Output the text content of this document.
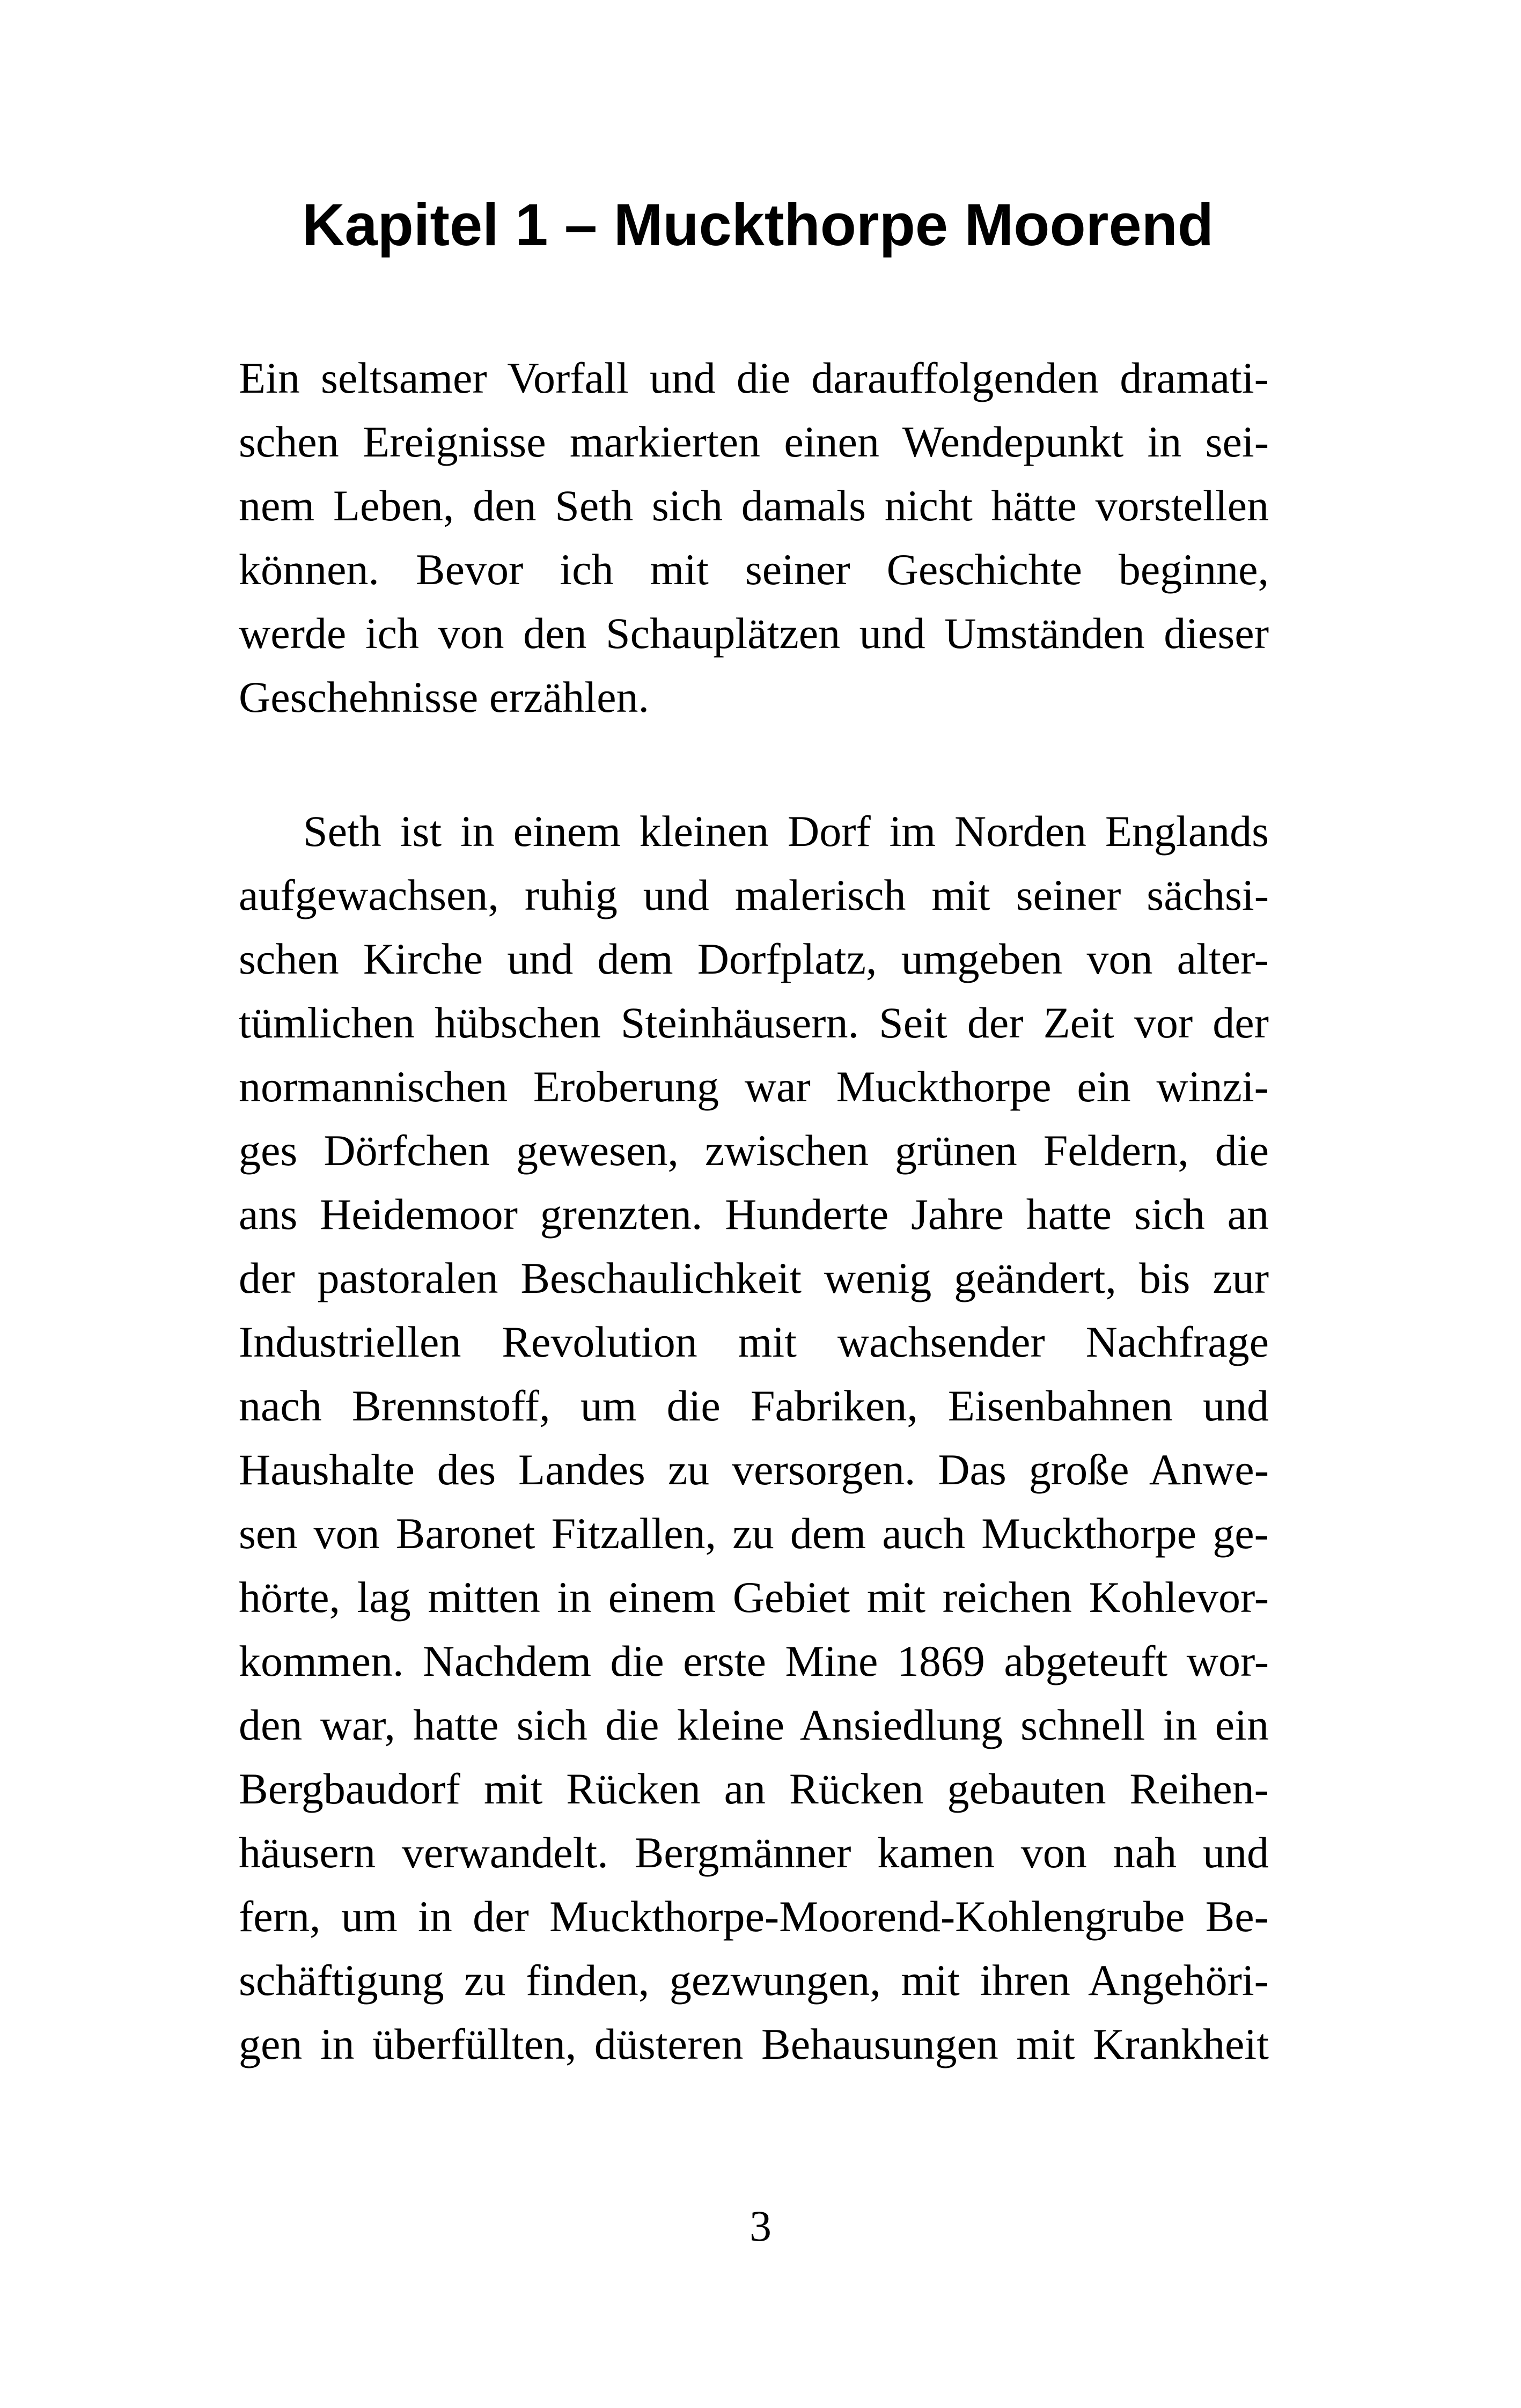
Kapitel 1 – Muckthorpe Moorend

Ein seltsamer Vorfall und die darauffolgenden dramati-
schen Ereignisse markierten einen Wendepunkt in sei-
nem Leben, den Seth sich damals nicht hätte vorstellen
können. Bevor ich mit seiner Geschichte beginne,
werde ich von den Schauplätzen und Umständen dieser
Geschehnisse erzählen.

Seth ist in einem kleinen Dorf im Norden Englands
aufgewachsen, ruhig und malerisch mit seiner sächsi-
schen Kirche und dem Dorfplatz, umgeben von alter-
tümlichen hübschen Steinhäusern. Seit der Zeit vor der
normannischen Eroberung war Muckthorpe ein winzi-
ges Dörfchen gewesen, zwischen grünen Feldern, die
ans Heidemoor grenzten. Hunderte Jahre hatte sich an
der pastoralen Beschaulichkeit wenig geändert, bis zur
Industriellen Revolution mit wachsender Nachfrage
nach Brennstoff, um die Fabriken, Eisenbahnen und
Haushalte des Landes zu versorgen. Das große Anwe-
sen von Baronet Fitzallen, zu dem auch Muckthorpe ge-
hörte, lag mitten in einem Gebiet mit reichen Kohlevor-
kommen. Nachdem die erste Mine 1869 abgeteuft wor-
den war, hatte sich die kleine Ansiedlung schnell in ein
Bergbaudorf mit Rücken an Rücken gebauten Reihen-
häusern verwandelt. Bergmänner kamen von nah und
fern, um in der Muckthorpe-Moorend-Kohlengrube Be-
schäftigung zu finden, gezwungen, mit ihren Angehöri-
gen in überfüllten, düsteren Behausungen mit Krankheit

3
